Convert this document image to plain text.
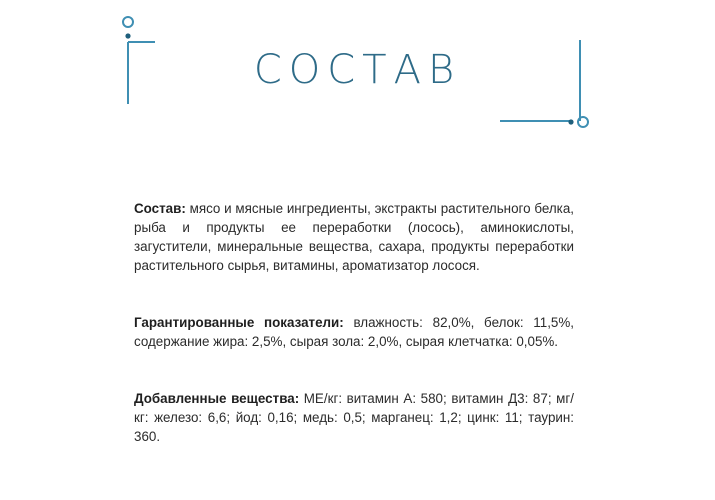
СОСТАВ

Состав: мясо и мясные ингредиенты, экстракты растительного белка, рыба и продукты ее переработки (лосось), аминокислоты, загустители, минеральные вещества, сахара, продукты переработки растительного сырья, витамины, ароматизатор лосося.

Гарантированные показатели: влажность: 82,0%, белок: 11,5%, содержание жира: 2,5%, сырая зола: 2,0%, сырая клетчатка: 0,05%.

Добавленные вещества: МЕ/кг: витамин А: 580; витамин Д3: 87; мг/кг: железо: 6,6; йод: 0,16; медь: 0,5; марганец: 1,2; цинк: 11; таурин: 360.
